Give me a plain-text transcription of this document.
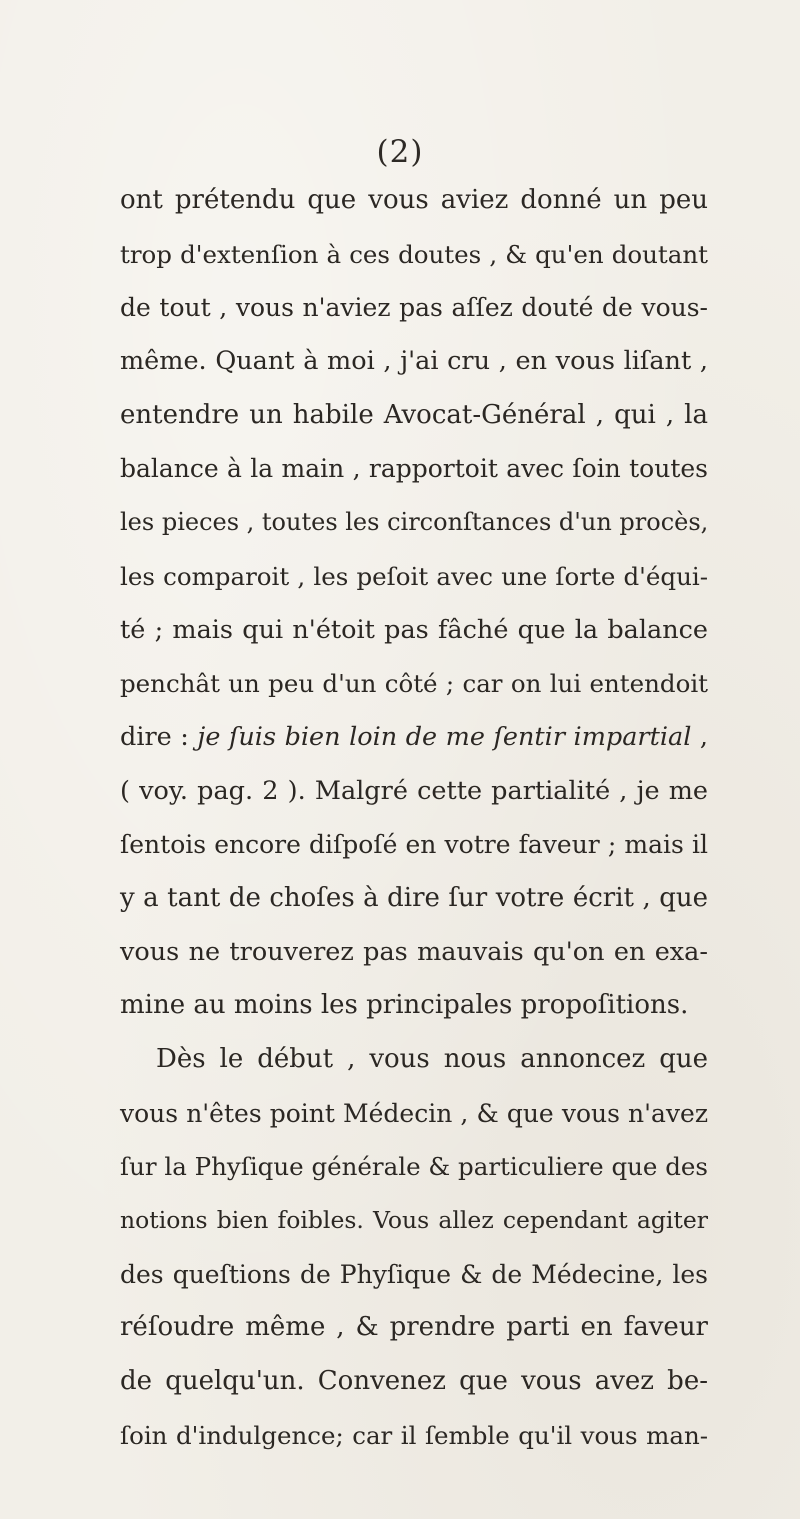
(2)
ont prétendu que vous aviez donné un peu
trop d'extenſion à ces doutes , & qu'en doutant
de tout , vous n'aviez pas aſſez douté de vous-
même. Quant à moi , j'ai cru , en vous liſant ,
entendre un habile Avocat-Général , qui , la
balance à la main , rapportoit avec ſoin toutes
les pieces , toutes les circonſtances d'un procès,
les comparoit , les peſoit avec une ſorte d'équi-
té ; mais qui n'étoit pas fâché que la balance
penchât un peu d'un côté ; car on lui entendoit
dire : je ſuis bien loin de me ſentir impartial ,
( voy. pag. 2 ). Malgré cette partialité , je me
ſentois encore diſpoſé en votre faveur ; mais il
y a tant de choſes à dire ſur votre écrit , que
vous ne trouverez pas mauvais qu'on en exa-
mine au moins les principales propoſitions.
Dès le début , vous nous annoncez que
vous n'êtes point Médecin , & que vous n'avez
ſur la Phyſique générale & particuliere que des
notions bien foibles. Vous allez cependant agiter
des queſtions de Phyſique & de Médecine, les
réſoudre même , & prendre parti en faveur
de quelqu'un. Convenez que vous avez be-
ſoin d'indulgence; car il ſemble qu'il vous man-
